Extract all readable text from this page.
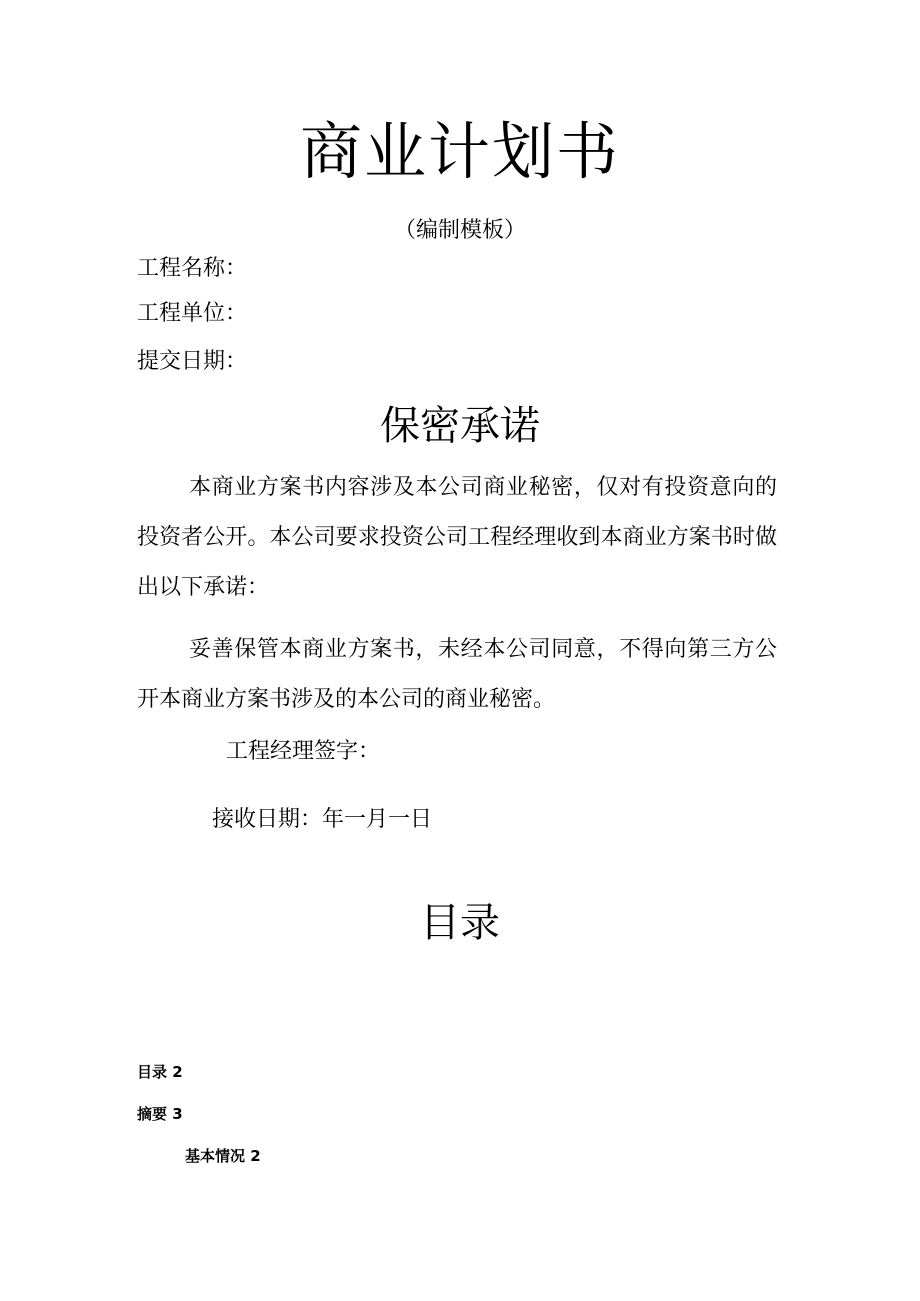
商业计划书
（编制模板）
工程名称：
工程单位：
提交日期：
保密承诺
本商业方案书内容涉及本公司商业秘密，仅对有投资意向的投资者公开。本公司要求投资公司工程经理收到本商业方案书时做出以下承诺：
妥善保管本商业方案书，未经本公司同意，不得向第三方公开本商业方案书涉及的本公司的商业秘密。
工程经理签字：
接收日期：年一月一日
目录
目录 2
摘要 3
基本情况 2
